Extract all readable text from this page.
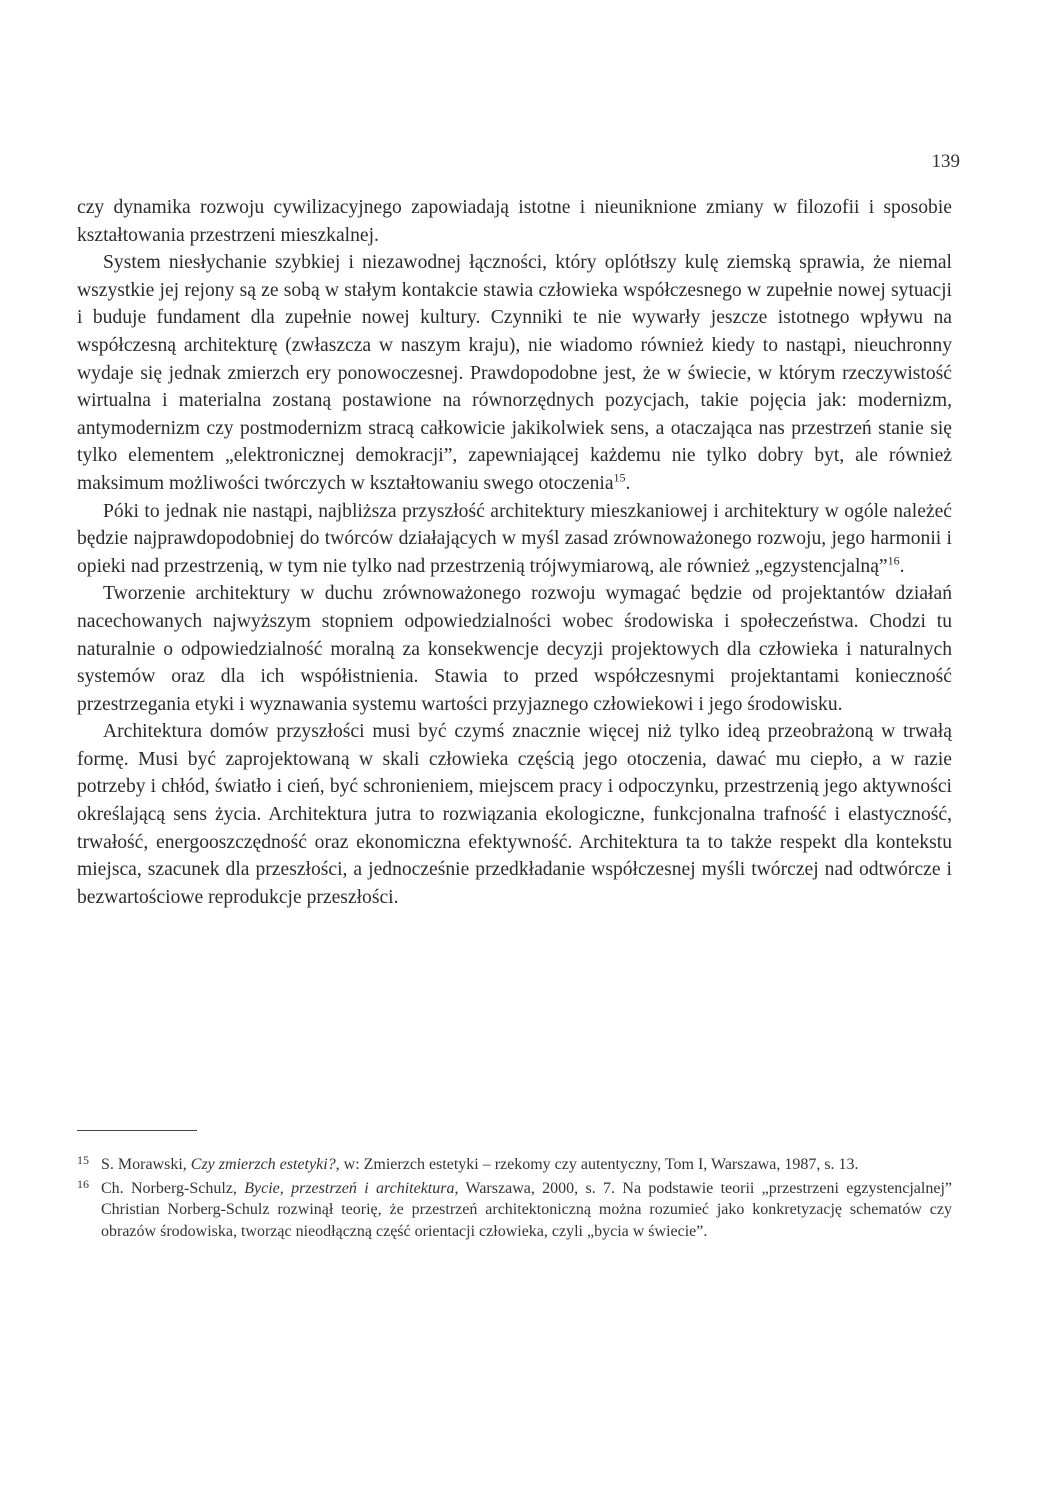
139

czy dynamika rozwoju cywilizacyjnego zapowiadają istotne i nieuniknione zmiany w filozofii i sposobie kształtowania przestrzeni mieszkalnej.

System niesłychanie szybkiej i niezawodnej łączności, który oplótłszy kulę ziemską sprawia, że niemal wszystkie jej rejony są ze sobą w stałym kontakcie stawia człowieka współczesnego w zupełnie nowej sytuacji i buduje fundament dla zupełnie nowej kultury. Czynniki te nie wywarły jeszcze istotnego wpływu na współczesną architekturę (zwłaszcza w naszym kraju), nie wiadomo również kiedy to nastąpi, nieuchronny wydaje się jednak zmierzch ery ponowoczesnej. Prawdopodobne jest, że w świecie, w którym rzeczywistość wirtualna i materialna zostaną postawione na równorzędnych pozycjach, takie pojęcia jak: modernizm, antymodernizm czy postmodernizm stracą całkowicie jakikolwiek sens, a otaczająca nas przestrzeń stanie się tylko elementem „elektronicznej demokracji”, zapewniającej każdemu nie tylko dobry byt, ale również maksimum możliwości twórczych w kształtowaniu swego otoczenia$^{15}$.

Póki to jednak nie nastąpi, najbliższa przyszłość architektury mieszkaniowej i architektury w ogóle należeć będzie najprawdopodobniej do twórców działających w myśl zasad zrównoważonego rozwoju, jego harmonii i opieki nad przestrzenią, w tym nie tylko nad przestrzenią trójwymiarową, ale również „egzystencjalną”$^{16}$.

Tworzenie architektury w duchu zrównoważonego rozwoju wymagać będzie od projektantów działań nacechowanych najwyższym stopniem odpowiedzialności wobec środowiska i społeczeństwa. Chodzi tu naturalnie o odpowiedzialność moralną za konsekwencje decyzji projektowych dla człowieka i naturalnych systemów oraz dla ich współistnienia. Stawia to przed współczesnymi projektantami konieczność przestrzegania etyki i wyznawania systemu wartości przyjaznego człowiekowi i jego środowisku.

Architektura domów przyszłości musi być czymś znacznie więcej niż tylko ideą przeobrażoną w trwałą formę. Musi być zaprojektowaną w skali człowieka częścią jego otoczenia, dawać mu ciepło, a w razie potrzeby i chłód, światło i cień, być schronieniem, miejscem pracy i odpoczynku, przestrzenią jego aktywności określającą sens życia. Architektura jutra to rozwiązania ekologiczne, funkcjonalna trafność i elastyczność, trwałość, energooszczędność oraz ekonomiczna efektywność. Architektura ta to także respekt dla kontekstu miejsca, szacunek dla przeszłości, a jednocześnie przedkładanie współczesnej myśli twórczej nad odtwórcze i bezwartościowe reprodukcje przeszłości.

15 S. Morawski, Czy zmierzch estetyki?, w: Zmierzch estetyki – rzekomy czy autentyczny, Tom I, Warszawa, 1987, s. 13.
16 Ch. Norberg-Schulz, Bycie, przestrzeń i architektura, Warszawa, 2000, s. 7. Na podstawie teorii „przestrzeni egzystencjalnej” Christian Norberg-Schulz rozwinął teorię, że przestrzeń architektoniczną można rozumieć jako konkretyzację schematów czy obrazów środowiska, tworząc nieodłączną część orientacji człowieka, czyli „bycia w świecie”.
